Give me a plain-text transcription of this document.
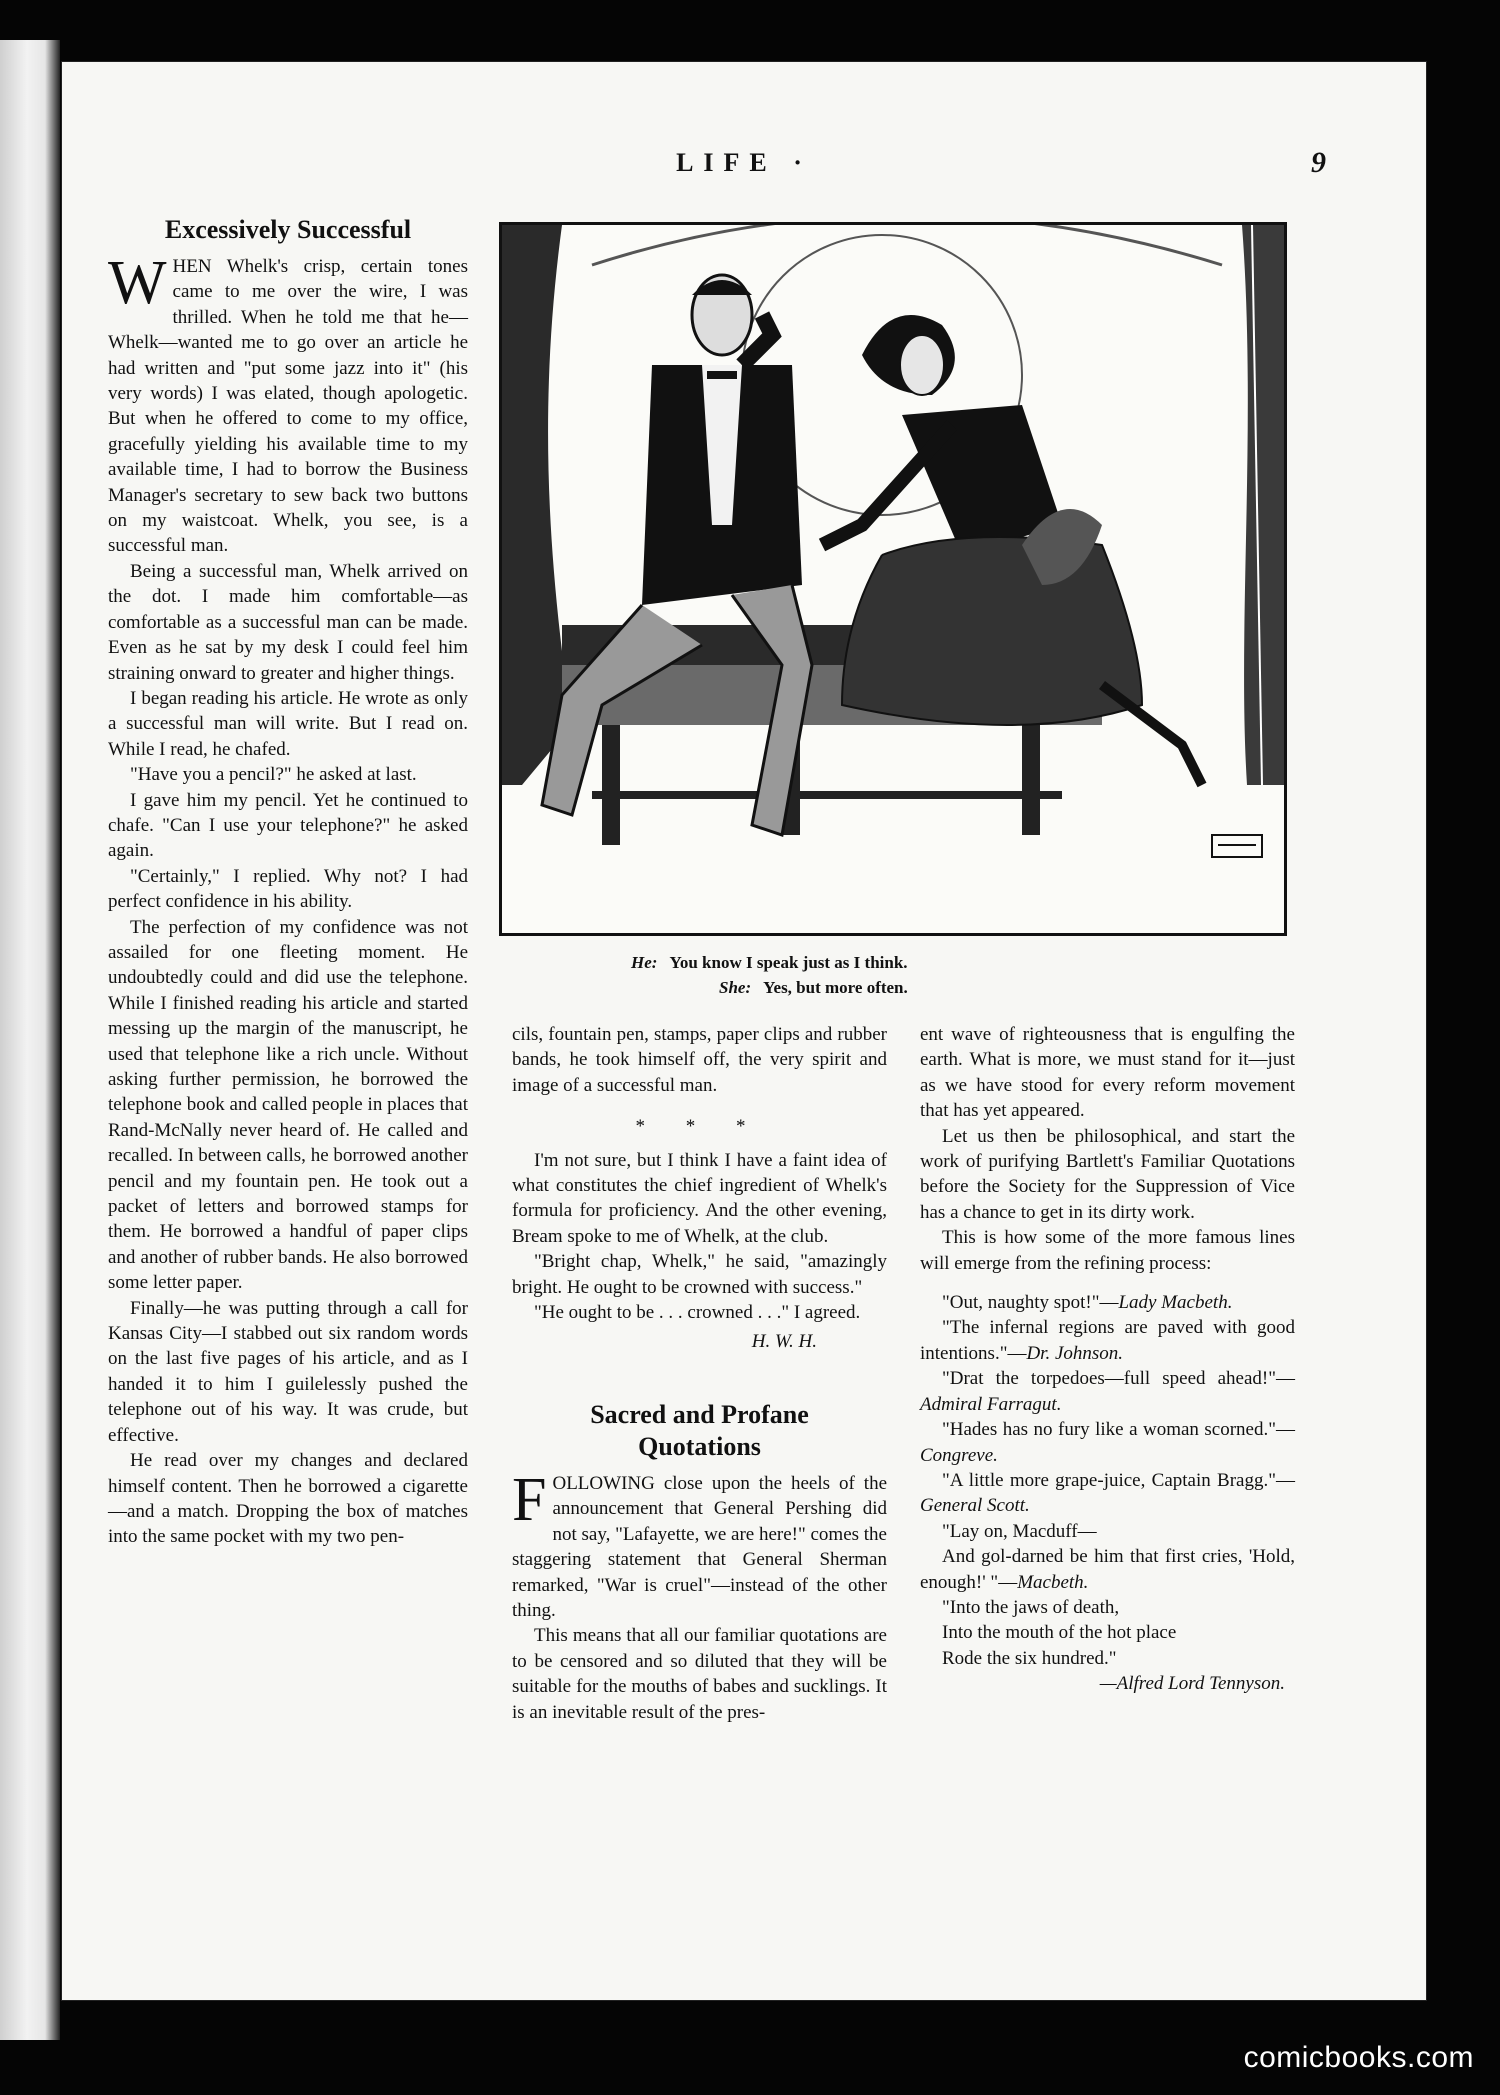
LIFE ·	9
Excessively Successful

WHEN Whelk's crisp, certain tones came to me over the wire, I was thrilled. When he told me that he—Whelk—wanted me to go over an article he had written and "put some jazz into it" (his very words) I was elated, though apologetic. But when he offered to come to my office, gracefully yielding his available time to my available time, I had to borrow the Business Manager's secretary to sew back two buttons on my waistcoat. Whelk, you see, is a successful man.

Being a successful man, Whelk arrived on the dot. I made him comfortable—as comfortable as a successful man can be made. Even as he sat by my desk I could feel him straining onward to greater and higher things.

I began reading his article. He wrote as only a successful man will write. But I read on. While I read, he chafed.

"Have you a pencil?" he asked at last.

I gave him my pencil. Yet he continued to chafe. "Can I use your telephone?" he asked again.

"Certainly," I replied. Why not? I had perfect confidence in his ability.

The perfection of my confidence was not assailed for one fleeting moment. He undoubtedly could and did use the telephone. While I finished reading his article and started messing up the margin of the manuscript, he used that telephone like a rich uncle. Without asking further permission, he borrowed the telephone book and called people in places that Rand-McNally never heard of. He called and recalled. In between calls, he borrowed another pencil and my fountain pen. He took out a packet of letters and borrowed stamps for them. He borrowed a handful of paper clips and another of rubber bands. He also borrowed some letter paper.

Finally—he was putting through a call for Kansas City—I stabbed out six random words on the last five pages of his article, and as I handed it to him I guilelessly pushed the telephone out of his way. It was crude, but effective.

He read over my changes and declared himself content. Then he borrowed a cigarette—and a match. Dropping the box of matches into the same pocket with my two pen-

He: You know I speak just as I think.
She: Yes, but more often.

cils, fountain pen, stamps, paper clips and rubber bands, he took himself off, the very spirit and image of a successful man.

* * *

I'm not sure, but I think I have a faint idea of what constitutes the chief ingredient of Whelk's formula for proficiency. And the other evening, Bream spoke to me of Whelk, at the club.

"Bright chap, Whelk," he said, "amazingly bright. He ought to be crowned with success."

"He ought to be . . . crowned . . ." I agreed.

H. W. H.
Sacred and Profane
Quotations

FOLLOWING close upon the heels of the announcement that General Pershing did not say, "Lafayette, we are here!" comes the staggering statement that General Sherman remarked, "War is cruel"—instead of the other thing.

This means that all our familiar quotations are to be censored and so diluted that they will be suitable for the mouths of babes and sucklings. It is an inevitable result of the pres-

ent wave of righteousness that is engulfing the earth. What is more, we must stand for it—just as we have stood for every reform movement that has yet appeared.

Let us then be philosophical, and start the work of purifying Bartlett's Familiar Quotations before the Society for the Suppression of Vice has a chance to get in its dirty work.

This is how some of the more famous lines will emerge from the refining process:

"Out, naughty spot!"—Lady Macbeth.

"The infernal regions are paved with good intentions."—Dr. Johnson.

"Drat the torpedoes—full speed ahead!"—Admiral Farragut.

"Hades has no fury like a woman scorned."—Congreve.

"A little more grape-juice, Captain Bragg."—General Scott.

"Lay on, Macduff—

And gol-darned be him that first cries, 'Hold, enough!' "—Macbeth.

"Into the jaws of death,

Into the mouth of the hot place

Rode the six hundred."

—Alfred Lord Tennyson.
comicbooks.com
